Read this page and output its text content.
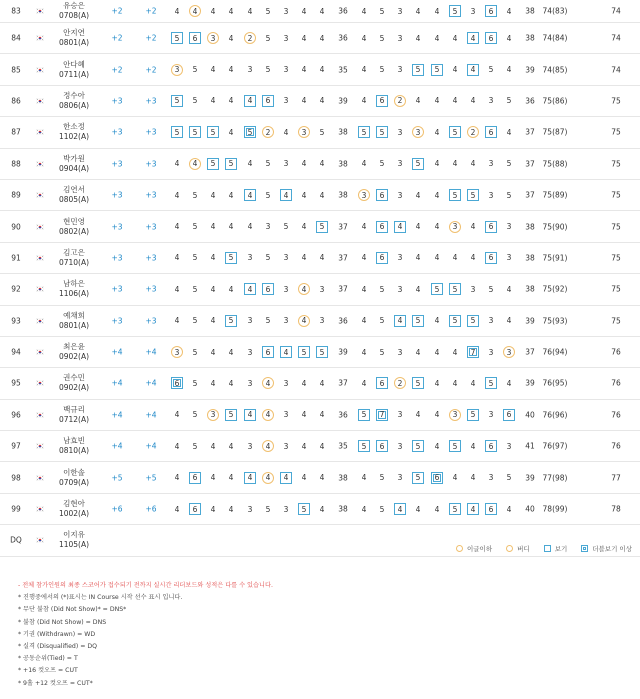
83
유승은
0708(A)	+2	+2	4	4	4	4	4	5	3	4	4	36	4	5	3	4	4	5	3	6	4	38 74(83)	74
84
안지연
0801(A)	+2	+2	5	6	3	4	2	5	3	4	4	36	4	5	3	4	4	4	4	6	4	38 74(84)	74
85
안다혜
0711(A)	+2	+2	3	5	4	4	3	5	3	4	4	35	4	5	3	5	5	4	4	5	4	39 74(85)	74
86
정수아
0806(A)	+3	+3	5	5	4	4	4	6	3	4	4	39	4	6	2	4	4	4	4	3	5	36 75(86)	75
87
한소정
1102(A)	+3	+3	5	5	5	4	5	2	4	3	5	38	5	5	3	3	4	5	2	6	4	37 75(87)	75
88
박가원
0904(A)	+3	+3	4	4	5	5	4	5	3	4	4	38	4	5	3	5	4	4	4	3	5	37 75(88)	75
89
김연서
0805(A)	+3	+3	4	5	4	4	4	5	4	4	4	38	3	6	3	4	4	5	5	3	5	37 75(89)	75
90
현민영
0802(A)	+3	+3	4	5	4	4	4	3	5	4	5	37	4	6	4	4	4	3	4	6	3	38 75(90)	75
91
김고은
0710(A)	+3	+3	4	5	4	5	3	5	3	4	4	37	4	6	3	4	4	4	4	6	3	38 75(91)	75
92
남하은
1106(A)	+3	+3	4	5	4	4	4	6	3	4	3	37	4	5	3	4	5	5	3	5	4	38 75(92)	75
93
예채희
0801(A)	+3	+3	4	5	4	5	3	5	3	4	3	36	4	5	4	5	4	5	5	3	4	39 75(93)	75
94
최은윤
0902(A)	+4	+4	3	5	4	4	3	6	4	5	5	39	4	5	3	4	4	4	7	3	3	37 76(94)	76
95
권수민
0902(A)	+4	+4	6	5	4	4	3	4	3	4	4	37	4	6	2	5	4	4	4	5	4	39 76(95)	76
96
백규리
0712(A)	+4	+4	4	5	3	5	4	4	3	4	4	36	5	7	3	4	4	3	5	3	6	40 76(96)	76
97
남효빈
0810(A)	+4	+4	4	5	4	4	3	4	3	4	4	35	5	6	3	5	4	5	4	6	3	41 76(97)	76
98
이한솔
0709(A)	+5	+5	4	6	4	4	4	4	4	4	4	38	4	5	3	5	6	4	4	3	5	39 77(98)	77
99
김현아
1002(A)	+6	+6	4	6	4	4	3	5	3	5	4	38	4	5	4	4	4	5	4	6	4	40 78(99)	78
DQ
이지유
1105(A)	이글이하	버디	보기	더블보기 이상
- 전체 참가인원의 최종 스코어가 접수되기 전까지 실시간 리더보드와 성적은 다를 수 있습니다.
* 진행중에서의 (*)표시는 IN Course 시작 선수 표시 입니다.
* 무단 불참 (Did Not Show)* = DNS*
* 불참 (Did Not Show) = DNS
* 기권 (Withdrawn) = WD
* 실격 (Disqualified) = DQ
* 공동순위(Tied) = T
* +16 컷오프 = CUT
* 9홀 +12 컷오프 = CUT*
